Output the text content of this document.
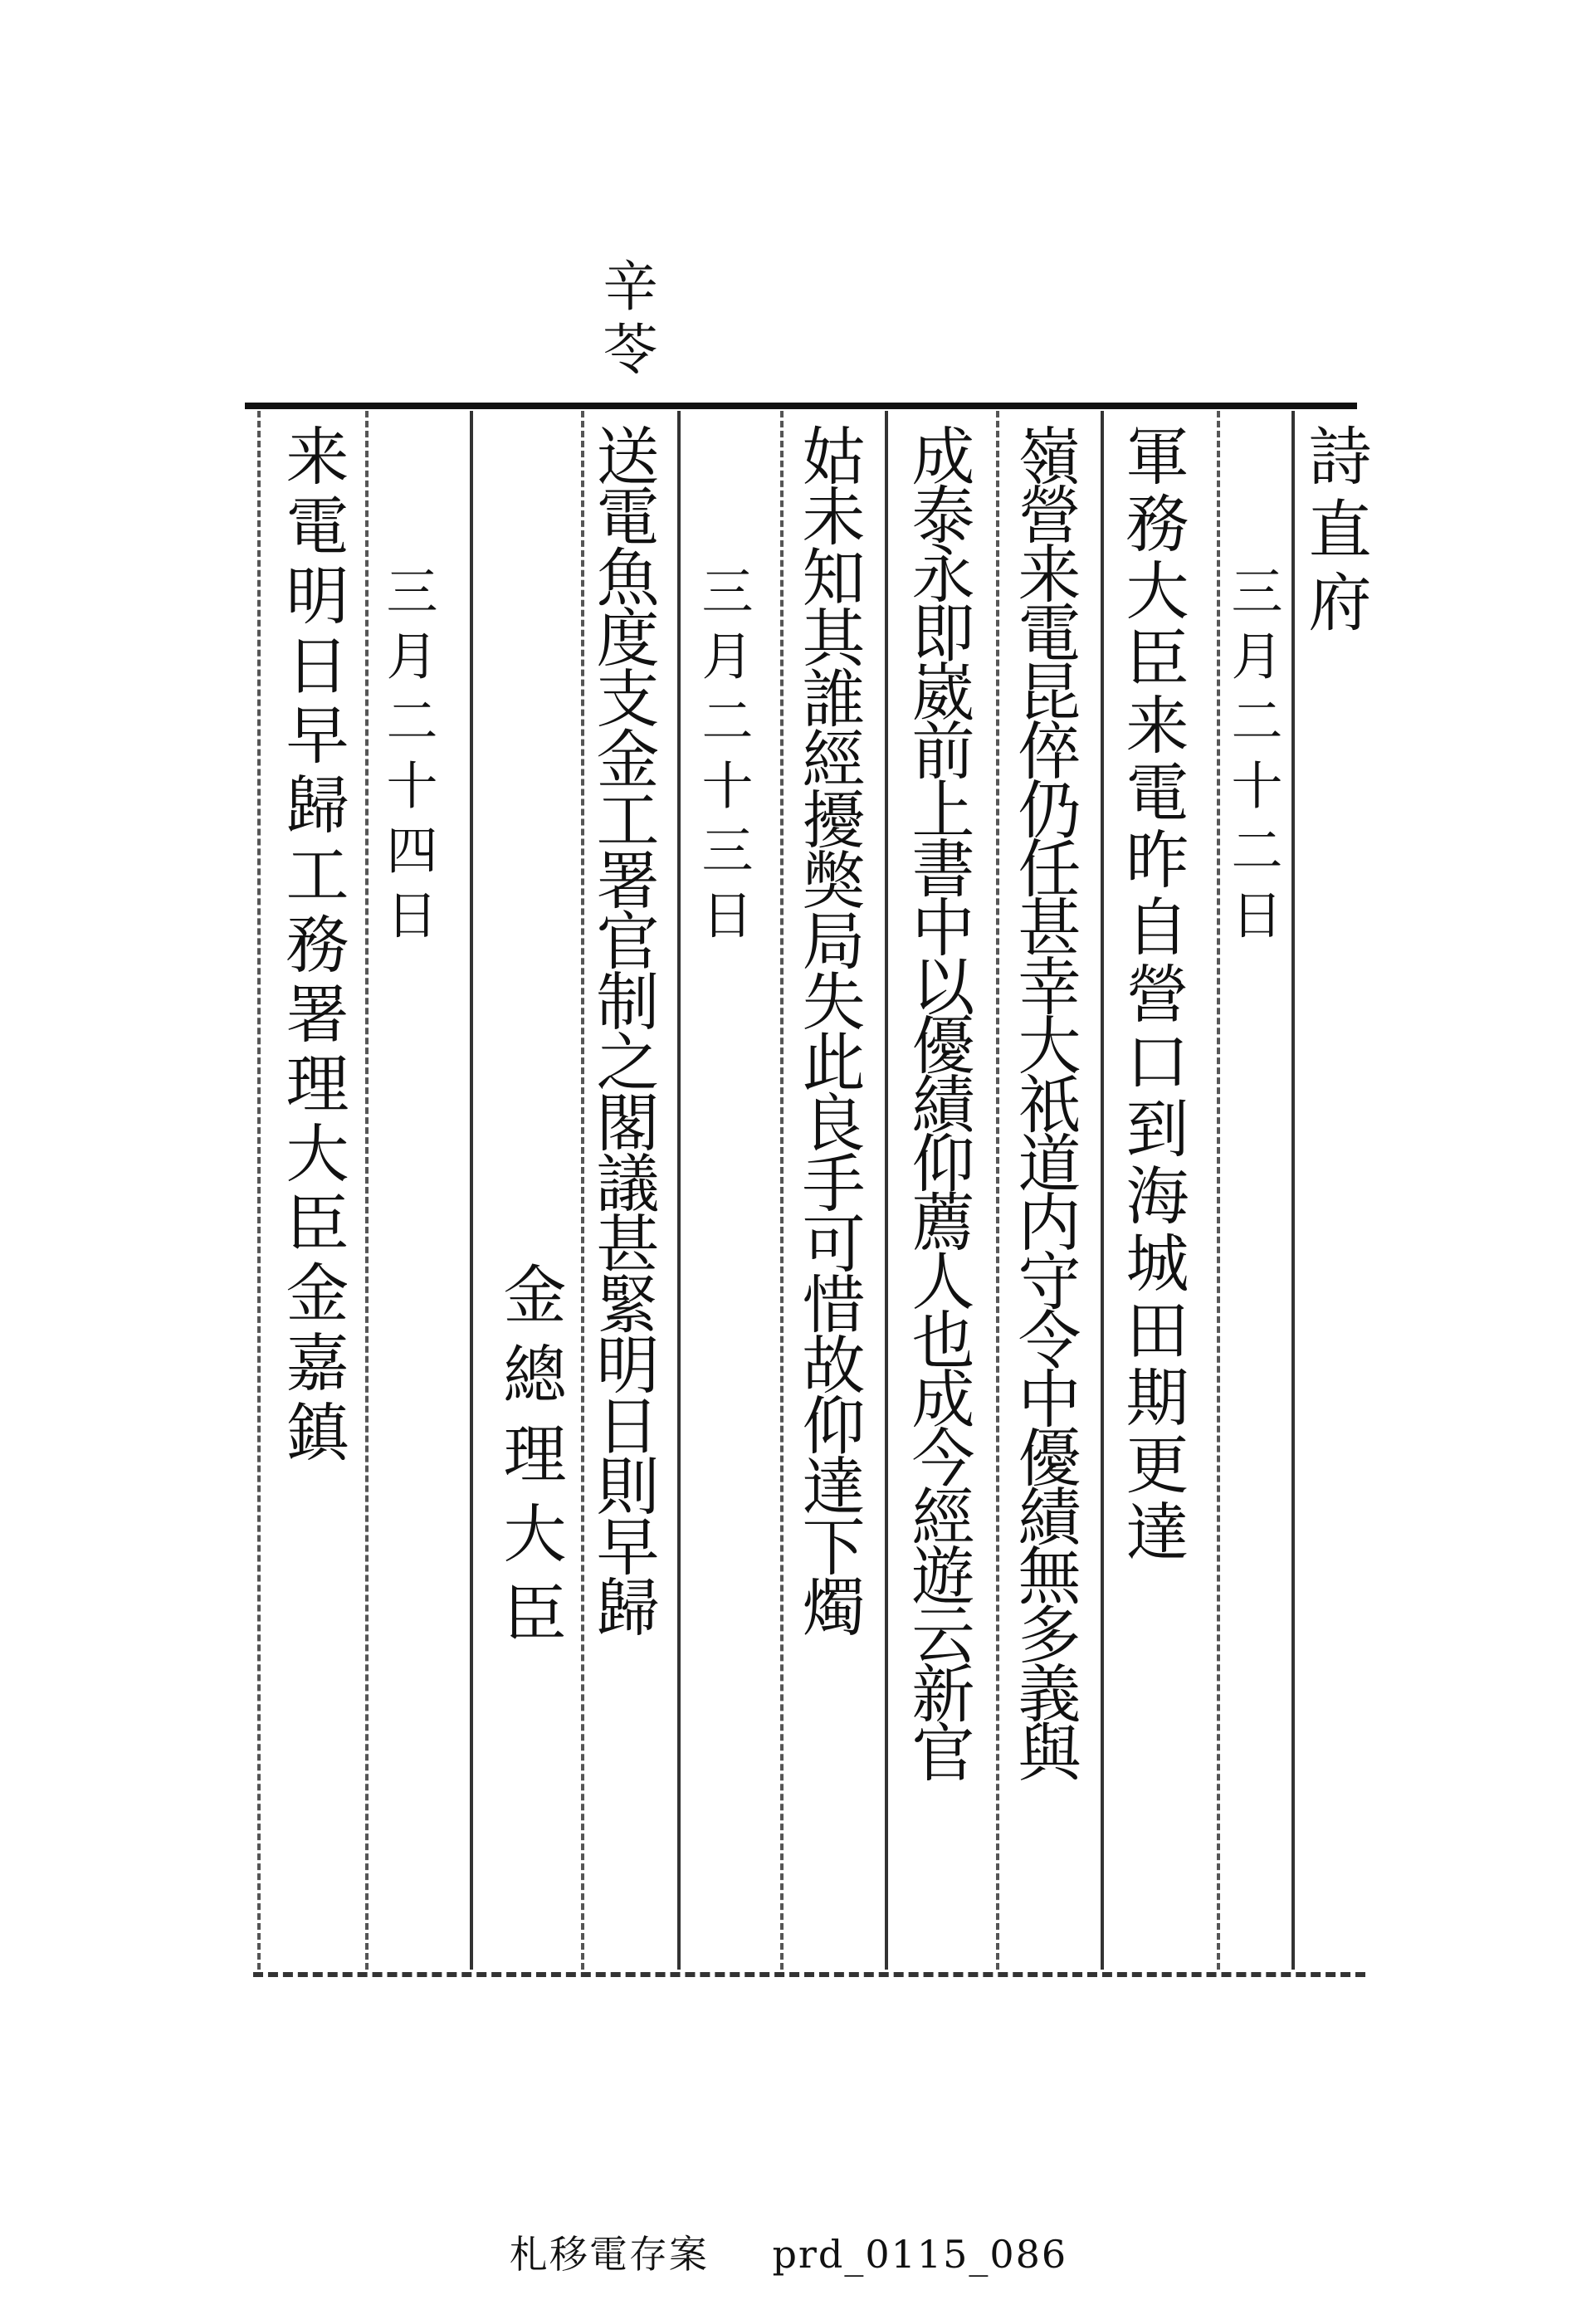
辛苓
詩直府
三月二十二日
軍務大臣来電昨自營口到海城田期更達
嶺營来電昆倅仍任甚幸大祇道内守令中優績無多義與
成泰永即崴前上書中以優績仰薦人也成今經遊云新官
姑未知其誰經擾獘局失此良手可惜故仰達下燭
三月二十三日
送電魚度支金工署官制之閣議甚緊明日則早歸
金總理大臣
三月二十四日
来電明日早歸工務署理大臣金嘉鎮
札移電存案 prd_0115_086
